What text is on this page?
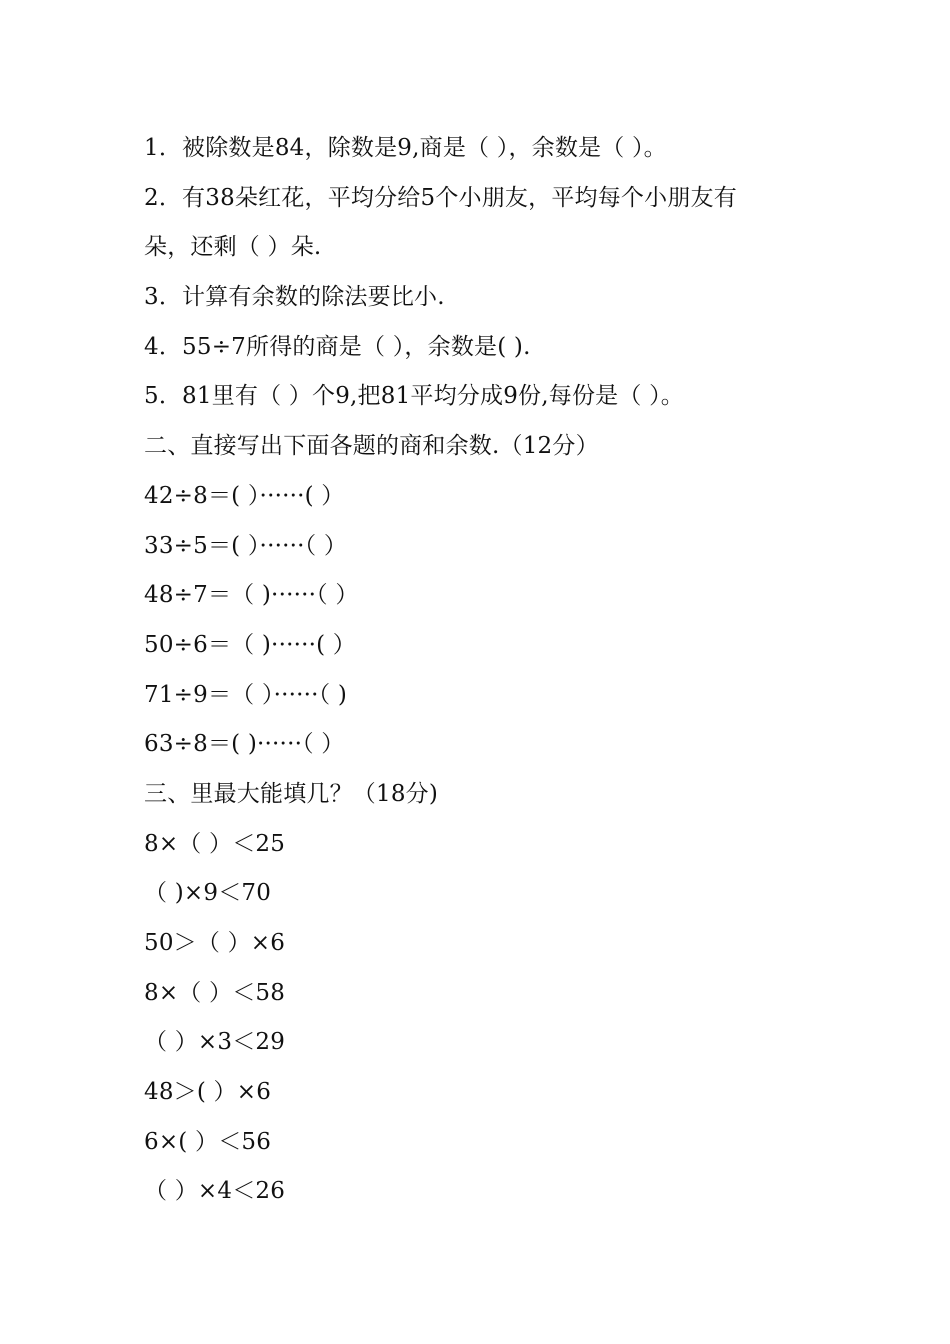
1．被除数是84，除数是9,商是（ ），余数是（ ）。
2．有38朵红花，平均分给5个小朋友，平均每个小朋友有
朵，还剩（ ）朵.
3．计算有余数的除法要比小.
4．55÷7所得的商是（ ），余数是( ).
5．81里有（ ）个9,把81平均分成9份,每份是（ ）。
二、直接写出下面各题的商和余数.（12分）
42÷8＝( ）······( ）
33÷5＝( ）······（ ）
48÷7＝（ )······（ ）
50÷6＝（ )······( ）
71÷9＝（ ）······（ )
63÷8＝( )······（ ）
三、里最大能填几？（18分)
8×（ ）＜25
（ )×9＜70
50＞（ ）×6
8×（ ）＜58
（ ）×3＜29
48＞( ）×6
6×( ）＜56
（ ）×4＜26
